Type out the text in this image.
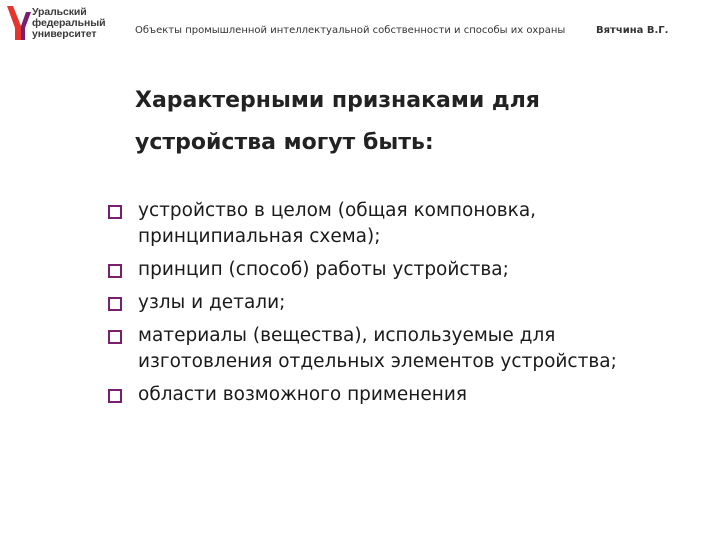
Уральский
федеральный
университет	Объекты промышленной интеллектуальной собственности и способы их охраны	Вятчина В.Г.
Характерными признаками для
устройства могут быть:
устройство в целом (общая компоновка, принципиальная схема);
принцип (способ) работы устройства;
узлы и детали;
материалы (вещества), используемые для изготовления отдельных элементов устройства;
области возможного применения
